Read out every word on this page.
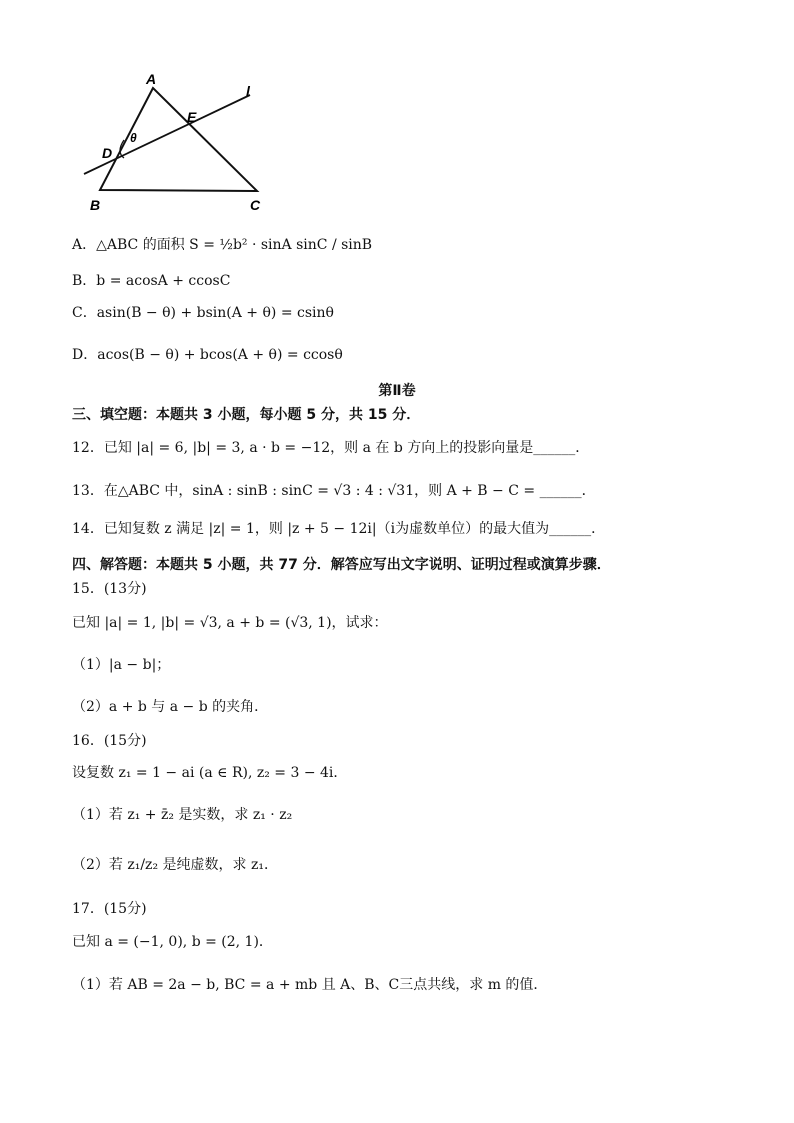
A
B	C
D
E
l
θ
A．△ABC 的面积 S = ½b² · sinA sinC / sinB
B．b = acosA + ccosC
C．asin(B − θ) + bsin(A + θ) = csinθ
D．acos(B − θ) + bcos(A + θ) = ccosθ
第Ⅱ卷
三、填空题：本题共 3 小题，每小题 5 分，共 15 分．
12．已知 |a| = 6, |b| = 3, a · b = −12，则 a 在 b 方向上的投影向量是______．
13．在△ABC 中，sinA : sinB : sinC = √3 : 4 : √31，则 A + B − C = ______．
14．已知复数 z 满足 |z| = 1，则 |z + 5 − 12i|（i为虚数单位）的最大值为______．
四、解答题：本题共 5 小题，共 77 分．解答应写出文字说明、证明过程或演算步骤．
15．(13分)
已知 |a| = 1, |b| = √3, a + b = (√3, 1)，试求：
（1）|a − b|；
（2）a + b 与 a − b 的夹角．
16．(15分)
设复数 z₁ = 1 − ai (a ∈ R), z₂ = 3 − 4i．
（1）若 z₁ + z̄₂ 是实数，求 z₁ · z₂
（2）若 z₁/z₂ 是纯虚数，求 z₁．
17．(15分)
已知 a = (−1, 0), b = (2, 1)．
（1）若 AB = 2a − b, BC = a + mb 且 A、B、C三点共线，求 m 的值．
